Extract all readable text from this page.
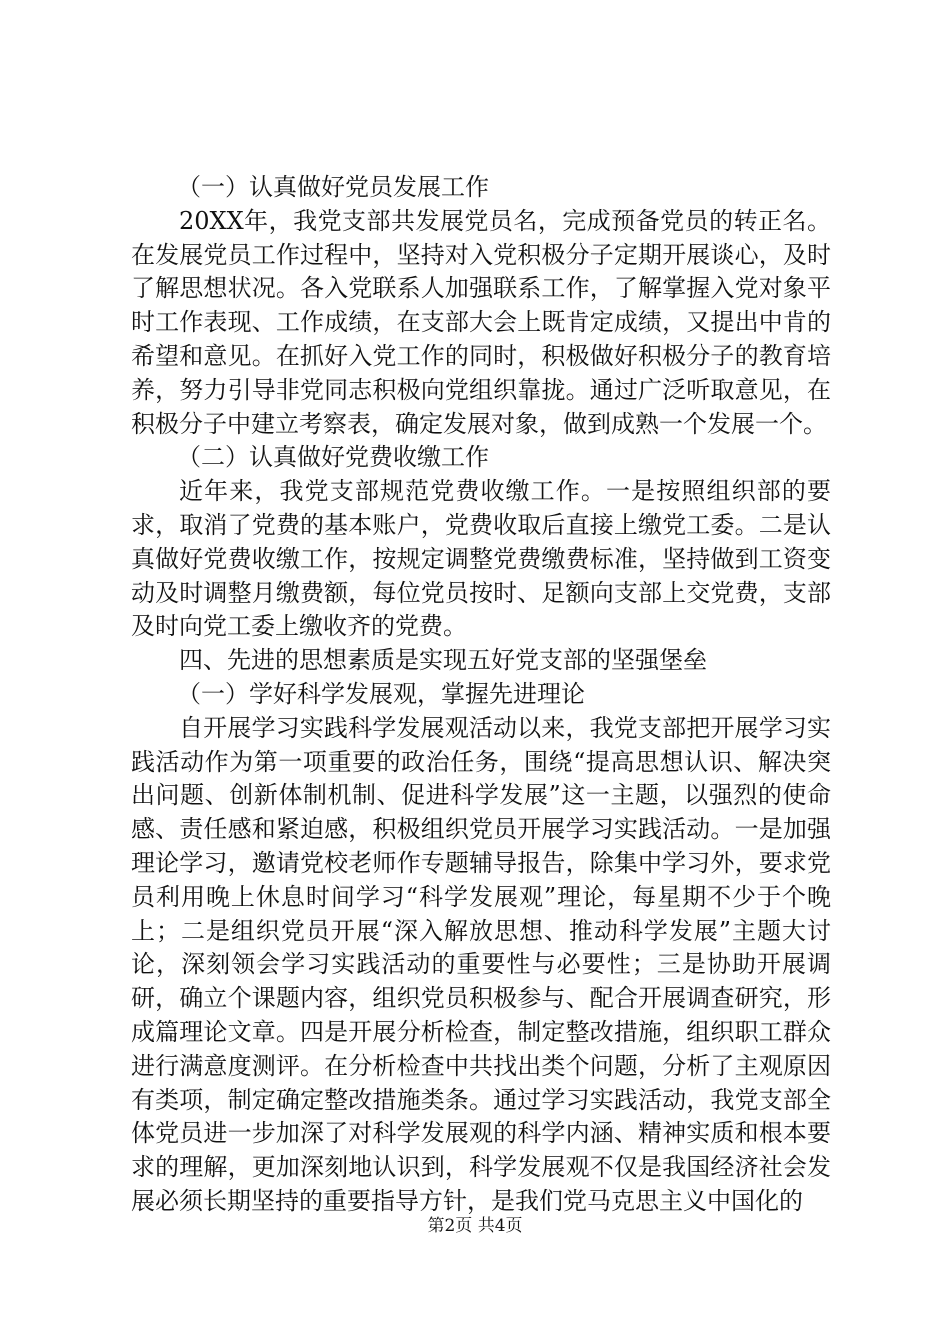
（一）认真做好党员发展工作

20XX年，我党支部共发展党员名，完成预备党员的转正名。在发展党员工作过程中，坚持对入党积极分子定期开展谈心，及时了解思想状况。各入党联系人加强联系工作，了解掌握入党对象平时工作表现、工作成绩，在支部大会上既肯定成绩，又提出中肯的希望和意见。在抓好入党工作的同时，积极做好积极分子的教育培养，努力引导非党同志积极向党组织靠拢。通过广泛听取意见，在积极分子中建立考察表，确定发展对象，做到成熟一个发展一个。

（二）认真做好党费收缴工作

近年来，我党支部规范党费收缴工作。一是按照组织部的要求，取消了党费的基本账户，党费收取后直接上缴党工委。二是认真做好党费收缴工作，按规定调整党费缴费标准，坚持做到工资变动及时调整月缴费额，每位党员按时、足额向支部上交党费，支部及时向党工委上缴收齐的党费。

四、先进的思想素质是实现五好党支部的坚强堡垒

（一）学好科学发展观，掌握先进理论

自开展学习实践科学发展观活动以来，我党支部把开展学习实践活动作为第一项重要的政治任务，围绕“提高思想认识、解决突出问题、创新体制机制、促进科学发展”这一主题，以强烈的使命感、责任感和紧迫感，积极组织党员开展学习实践活动。一是加强理论学习，邀请党校老师作专题辅导报告，除集中学习外，要求党员利用晚上休息时间学习“科学发展观”理论，每星期不少于个晚上；二是组织党员开展“深入解放思想、推动科学发展”主题大讨论，深刻领会学习实践活动的重要性与必要性；三是协助开展调研，确立个课题内容，组织党员积极参与、配合开展调查研究，形成篇理论文章。四是开展分析检查，制定整改措施，组织职工群众进行满意度测评。在分析检查中共找出类个问题，分析了主观原因有类项，制定确定整改措施类条。通过学习实践活动，我党支部全体党员进一步加深了对科学发展观的科学内涵、精神实质和根本要求的理解，更加深刻地认识到，科学发展观不仅是我国经济社会发展必须长期坚持的重要指导方针，是我们党马克思主义中国化的

第2页 共4页
